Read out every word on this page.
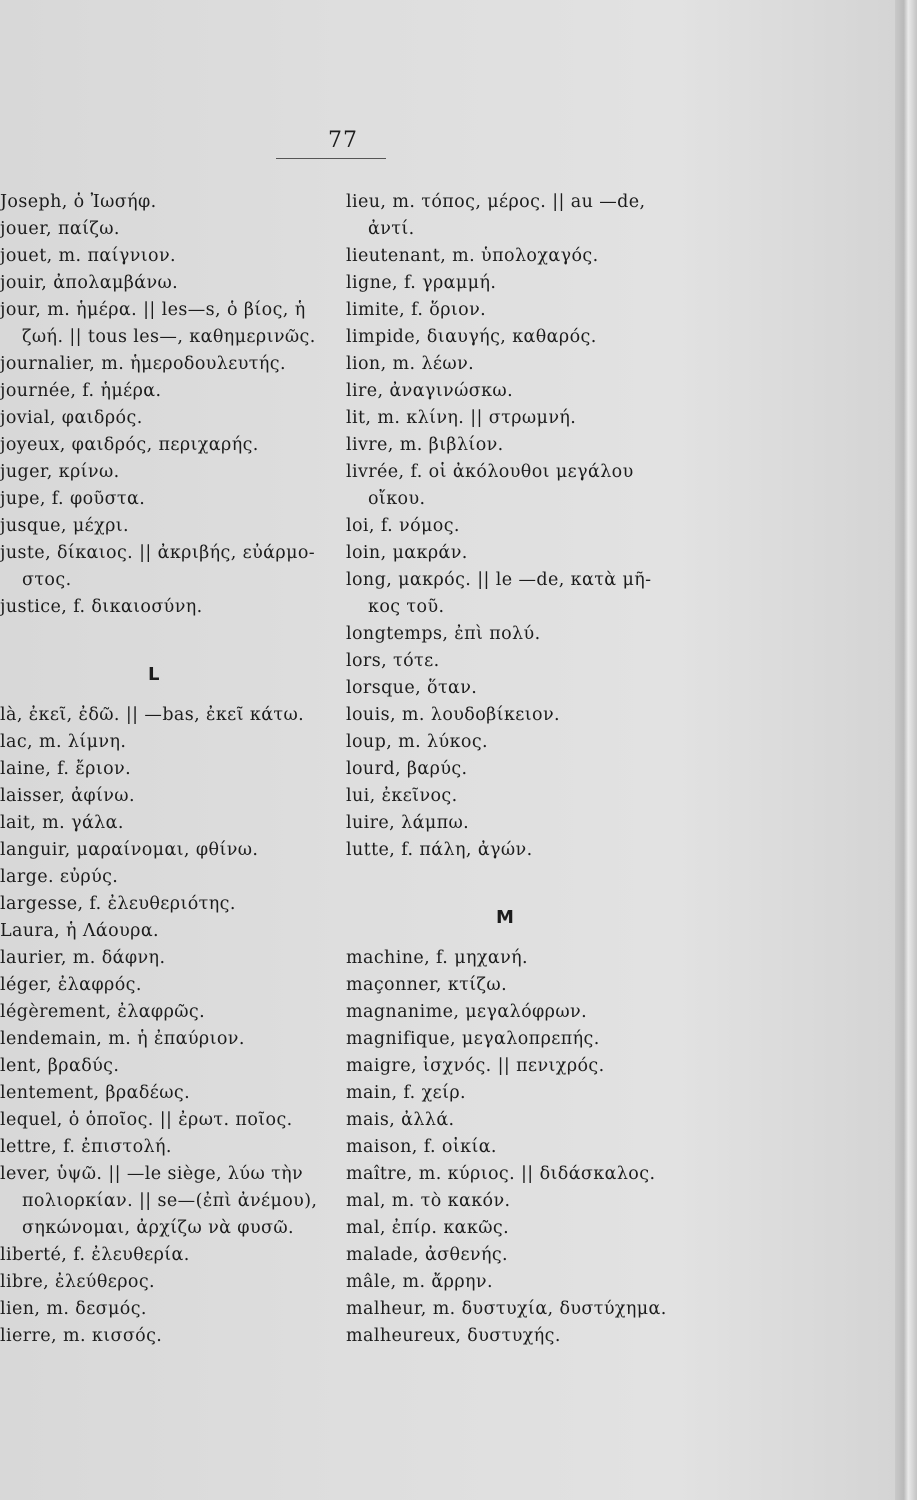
77
Joseph, ὁ Ἰωσήφ.
jouer, παίζω.
jouet, m. παίγνιον.
jouir, ἀπολαμβάνω.
jour, m. ἡμέρα. || les—s, ὁ βίος, ἡ
ζωή. || tous les—, καθημερινῶς.
journalier, m. ἡμεροδουλευτής.
journée, f. ἡμέρα.
jovial, φαιδρός.
joyeux, φαιδρός, περιχαρής.
juger, κρίνω.
jupe, f. φοῦστα.
jusque, μέχρι.
juste, δίκαιος. || ἀκριβής, εὐάρμο-
στος.
justice, f. δικαιοσύνη.
L
là, ἐκεῖ, ἐδῶ. || —bas, ἐκεῖ κάτω.
lac, m. λίμνη.
laine, f. ἔριον.
laisser, ἀφίνω.
lait, m. γάλα.
languir, μαραίνομαι, φθίνω.
large. εὐρύς.
largesse, f. ἐλευθεριότης.
Laura, ἡ Λάουρα.
laurier, m. δάφνη.
léger, ἐλαφρός.
légèrement, ἐλαφρῶς.
lendemain, m. ἡ ἐπαύριον.
lent, βραδύς.
lentement, βραδέως.
lequel, ὁ ὁποῖος. || ἐρωτ. ποῖος.
lettre, f. ἐπιστολή.
lever, ὑψῶ. || —le siège, λύω τὴν
πολιορκίαν. || se—(ἐπὶ ἀνέμου),
σηκώνομαι, ἀρχίζω νὰ φυσῶ.
liberté, f. ἐλευθερία.
libre, ἐλεύθερος.
lien, m. δεσμός.
lierre, m. κισσός.
lieu, m. τόπος, μέρος. || au —de,
ἀντί.
lieutenant, m. ὑπολοχαγός.
ligne, f. γραμμή.
limite, f. ὅριον.
limpide, διαυγής, καθαρός.
lion, m. λέων.
lire, ἀναγινώσκω.
lit, m. κλίνη. || στρωμνή.
livre, m. βιβλίον.
livrée, f. οἱ ἀκόλουθοι μεγάλου
οἴκου.
loi, f. νόμος.
loin, μακράν.
long, μακρός. || le —de, κατὰ μῆ-
κος τοῦ.
longtemps, ἐπὶ πολύ.
lors, τότε.
lorsque, ὅταν.
louis, m. λουδοβίκειον.
loup, m. λύκος.
lourd, βαρύς.
lui, ἐκεῖνος.
luire, λάμπω.
lutte, f. πάλη, ἀγών.
M
machine, f. μηχανή.
maçonner, κτίζω.
magnanime, μεγαλόφρων.
magnifique, μεγαλοπρεπής.
maigre, ἰσχνός. || πενιχρός.
main, f. χείρ.
mais, ἀλλά.
maison, f. οἰκία.
maître, m. κύριος. || διδάσκαλος.
mal, m. τὸ κακόν.
mal, ἐπίρ. κακῶς.
malade, ἀσθενής.
mâle, m. ἄρρην.
malheur, m. δυστυχία, δυστύχημα.
malheureux, δυστυχής.
